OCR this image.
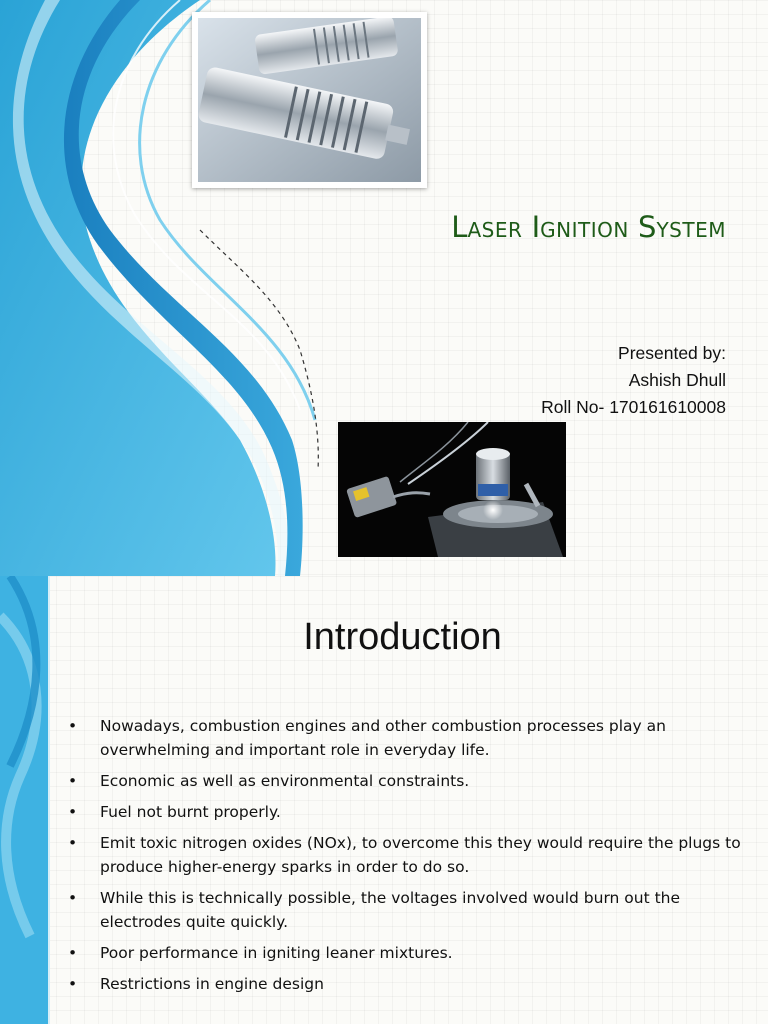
LASER IGNITION SYSTEM
Presented by:
Ashish Dhull
Roll No- 170161610008
Introduction
• Nowadays, combustion engines and other combustion processes play an overwhelming and important role in everyday life.
• Economic as well as environmental constraints.
• Fuel not burnt properly.
• Emit toxic nitrogen oxides (NOx), to overcome this they would require the plugs to produce higher-energy sparks in order to do so.
• While this is technically possible, the voltages involved would burn out the electrodes quite quickly.
• Poor performance in igniting leaner mixtures.
• Restrictions in engine design
